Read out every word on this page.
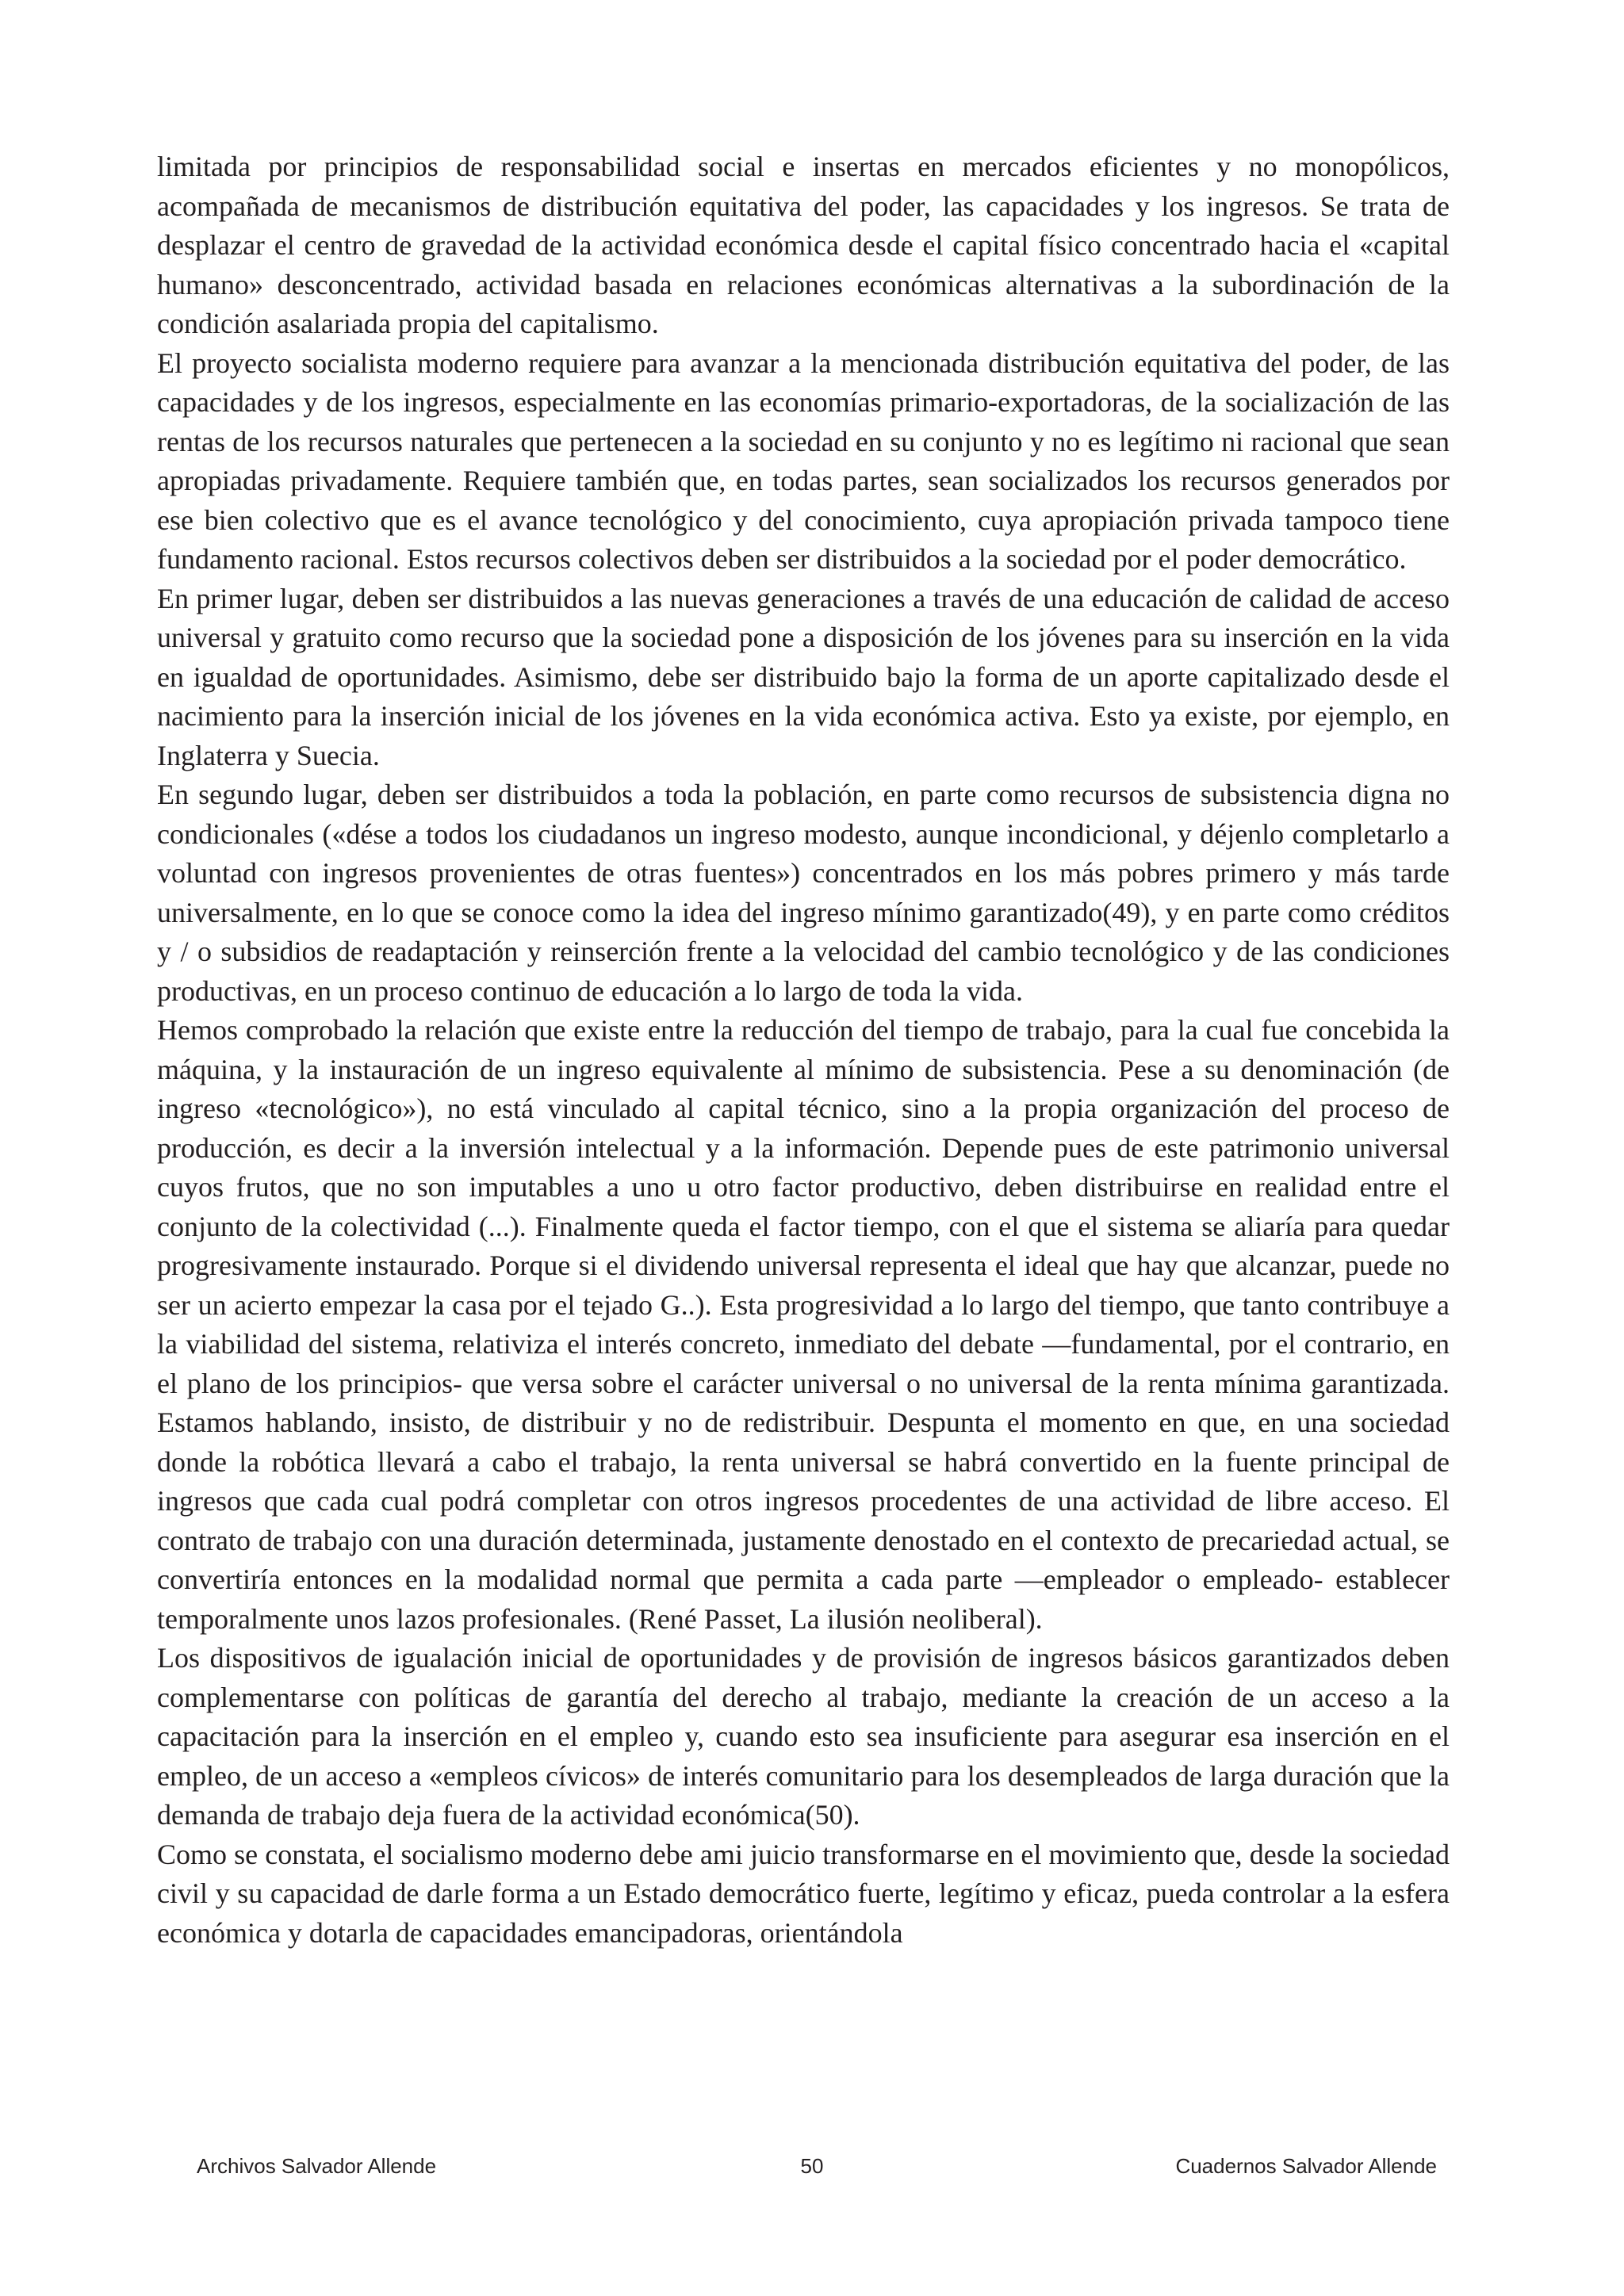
limitada por principios de responsabilidad social e insertas en mercados eficientes y no monopólicos, acompañada de mecanismos de distribución equitativa del poder, las capacidades y los ingresos. Se trata de desplazar el centro de gravedad de la actividad económica desde el capital físico concentrado hacia el «capital humano» desconcentrado, actividad basada en relaciones económicas alternativas a la subordinación de la condición asalariada propia del capitalismo.

El proyecto socialista moderno requiere para avanzar a la mencionada distribución equitativa del poder, de las capacidades y de los ingresos, especialmente en las economías primario-exportadoras, de la socialización de las rentas de los recursos naturales que pertenecen a la sociedad en su conjunto y no es legítimo ni racional que sean apropiadas privadamente. Requiere también que, en todas partes, sean socializados los recursos generados por ese bien colectivo que es el avance tecnológico y del conocimiento, cuya apropiación privada tampoco tiene fundamento racional. Estos recursos colectivos deben ser distribuidos a la sociedad por el poder democrático.

En primer lugar, deben ser distribuidos a las nuevas generaciones a través de una educación de calidad de acceso universal y gratuito como recurso que la sociedad pone a disposición de los jóvenes para su inserción en la vida en igualdad de oportunidades. Asimismo, debe ser distribuido bajo la forma de un aporte capitalizado desde el nacimiento para la inserción inicial de los jóvenes en la vida económica activa. Esto ya existe, por ejemplo, en Inglaterra y Suecia.

En segundo lugar, deben ser distribuidos a toda la población, en parte como recursos de subsistencia digna no condicionales («dése a todos los ciudadanos un ingreso modesto, aunque incondicional, y déjenlo completarlo a voluntad con ingresos provenientes de otras fuentes») concentrados en los más pobres primero y más tarde universalmente, en lo que se conoce como la idea del ingreso mínimo garantizado(49), y en parte como créditos y / o subsidios de readaptación y reinserción frente a la velocidad del cambio tecnológico y de las condiciones productivas, en un proceso continuo de educación a lo largo de toda la vida.

Hemos comprobado la relación que existe entre la reducción del tiempo de trabajo, para la cual fue concebida la máquina, y la instauración de un ingreso equivalente al mínimo de subsistencia. Pese a su denominación (de ingreso «tecnológico»), no está vinculado al capital técnico, sino a la propia organización del proceso de producción, es decir a la inversión intelectual y a la información. Depende pues de este patrimonio universal cuyos frutos, que no son imputables a uno u otro factor productivo, deben distribuirse en realidad entre el conjunto de la colectividad (...). Finalmente queda el factor tiempo, con el que el sistema se aliaría para quedar progresivamente instaurado. Porque si el dividendo universal representa el ideal que hay que alcanzar, puede no ser un acierto empezar la casa por el tejado G..). Esta progresividad a lo largo del tiempo, que tanto contribuye a la viabilidad del sistema, relativiza el interés concreto, inmediato del debate —fundamental, por el contrario, en el plano de los principios- que versa sobre el carácter universal o no universal de la renta mínima garantizada. Estamos hablando, insisto, de distribuir y no de redistribuir. Despunta el momento en que, en una sociedad donde la robótica llevará a cabo el trabajo, la renta universal se habrá convertido en la fuente principal de ingresos que cada cual podrá completar con otros ingresos procedentes de una actividad de libre acceso. El contrato de trabajo con una duración determinada, justamente denostado en el contexto de precariedad actual, se convertiría entonces en la modalidad normal que permita a cada parte —empleador o empleado- establecer temporalmente unos lazos profesionales. (René Passet, La ilusión neoliberal).

Los dispositivos de igualación inicial de oportunidades y de provisión de ingresos básicos garantizados deben complementarse con políticas de garantía del derecho al trabajo, mediante la creación de un acceso a la capacitación para la inserción en el empleo y, cuando esto sea insuficiente para asegurar esa inserción en el empleo, de un acceso a «empleos cívicos» de interés comunitario para los desempleados de larga duración que la demanda de trabajo deja fuera de la actividad económica(50).

Como se constata, el socialismo moderno debe ami juicio transformarse en el movimiento que, desde la sociedad civil y su capacidad de darle forma a un Estado democrático fuerte, legítimo y eficaz, pueda controlar a la esfera económica y dotarla de capacidades emancipadoras, orientándola

Archivos Salvador Allende	50	Cuadernos Salvador Allende
